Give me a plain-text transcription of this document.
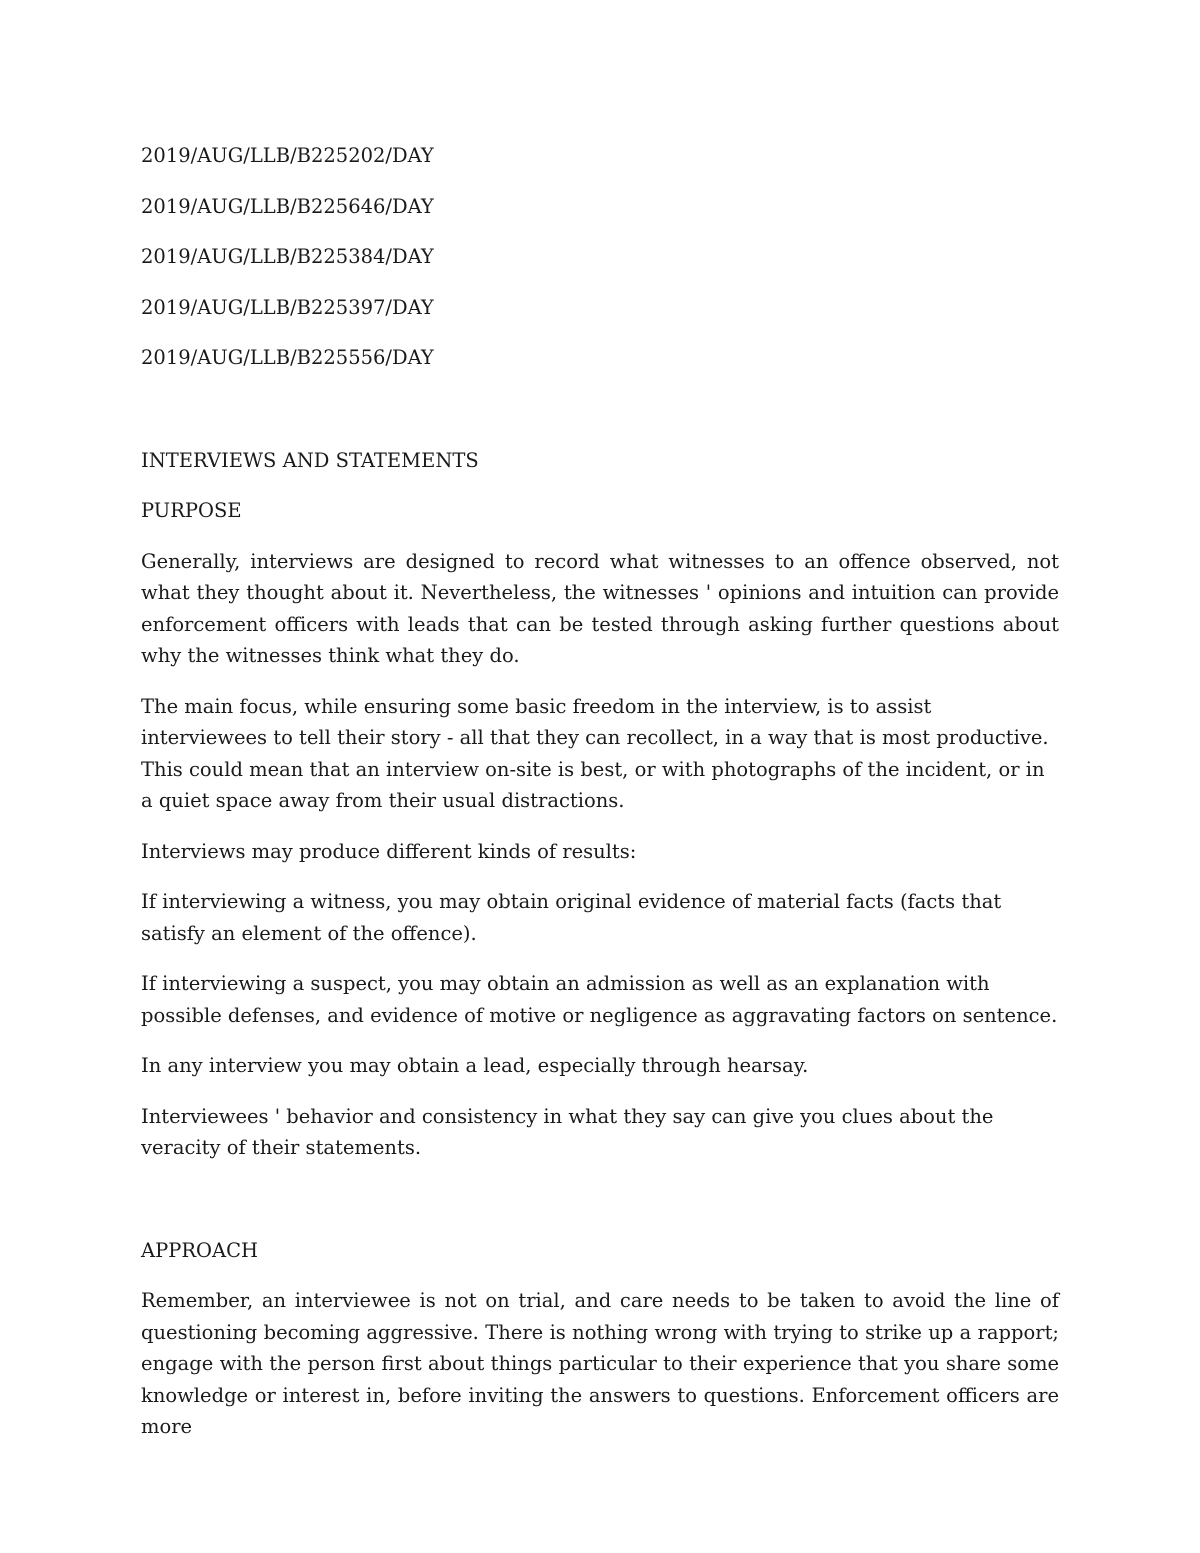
2019/AUG/LLB/B225202/DAY

2019/AUG/LLB/B225646/DAY

2019/AUG/LLB/B225384/DAY

2019/AUG/LLB/B225397/DAY

2019/AUG/LLB/B225556/DAY

INTERVIEWS AND STATEMENTS

PURPOSE

Generally, interviews are designed to record what witnesses to an offence observed, not what they thought about it. Nevertheless, the witnesses ' opinions and intuition can provide enforcement officers with leads that can be tested through asking further questions about why the witnesses think what they do.

The main focus, while ensuring some basic freedom in the interview, is to assist interviewees to tell their story - all that they can recollect, in a way that is most productive. This could mean that an interview on-site is best, or with photographs of the incident, or in a quiet space away from their usual distractions.

Interviews may produce different kinds of results:

If interviewing a witness, you may obtain original evidence of material facts (facts that satisfy an element of the offence).

If interviewing a suspect, you may obtain an admission as well as an explanation with possible defenses, and evidence of motive or negligence as aggravating factors on sentence.

In any interview you may obtain a lead, especially through hearsay.

Interviewees ' behavior and consistency in what they say can give you clues about the veracity of their statements.

APPROACH

Remember, an interviewee is not on trial, and care needs to be taken to avoid the line of questioning becoming aggressive. There is nothing wrong with trying to strike up a rapport; engage with the person first about things particular to their experience that you share some knowledge or interest in, before inviting the answers to questions. Enforcement officers are more
